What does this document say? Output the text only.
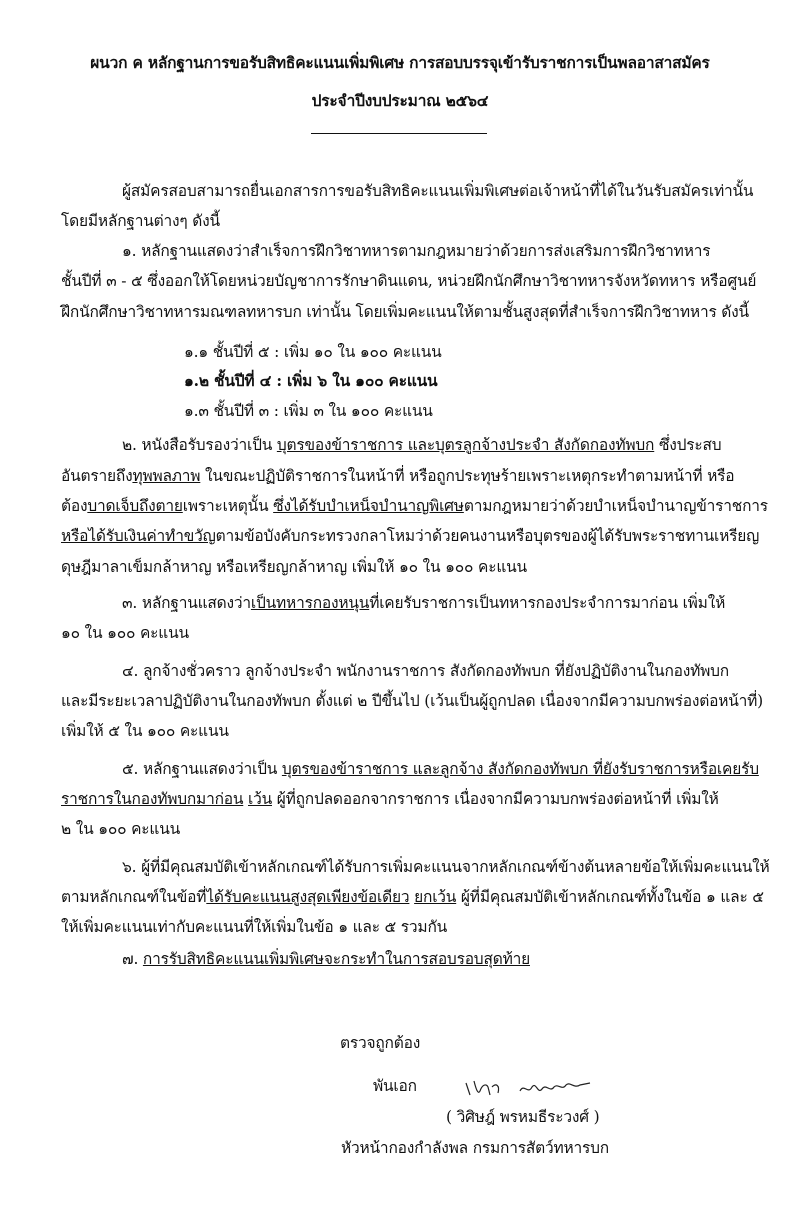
ผนวก ค หลักฐานการขอรับสิทธิคะแนนเพิ่มพิเศษ การสอบบรรจุเข้ารับราชการเป็นพลอาสาสมัคร
ประจำปีงบประมาณ ๒๕๖๔
ผู้สมัครสอบสามารถยื่นเอกสารการขอรับสิทธิคะแนนเพิ่มพิเศษต่อเจ้าหน้าที่ได้ในวันรับสมัครเท่านั้น
โดยมีหลักฐานต่างๆ ดังนี้
๑. หลักฐานแสดงว่าสำเร็จการฝึกวิชาทหารตามกฎหมายว่าด้วยการส่งเสริมการฝึกวิชาทหาร
ชั้นปีที่ ๓ - ๕ ซึ่งออกให้โดยหน่วยบัญชาการรักษาดินแดน, หน่วยฝึกนักศึกษาวิชาทหารจังหวัดทหาร หรือศูนย์
ฝึกนักศึกษาวิชาทหารมณฑลทหารบก เท่านั้น โดยเพิ่มคะแนนให้ตามชั้นสูงสุดที่สำเร็จการฝึกวิชาทหาร ดังนี้
๑.๑ ชั้นปีที่ ๕ : เพิ่ม ๑๐ ใน ๑๐๐ คะแนน
๑.๒ ชั้นปีที่ ๔ : เพิ่ม ๖ ใน ๑๐๐ คะแนน
๑.๓ ชั้นปีที่ ๓ : เพิ่ม ๓ ใน ๑๐๐ คะแนน
๒. หนังสือรับรองว่าเป็น บุตรของข้าราชการ และบุตรลูกจ้างประจำ สังกัดกองทัพบก ซึ่งประสบ
อันตรายถึงทุพพลภาพ ในขณะปฏิบัติราชการในหน้าที่ หรือถูกประทุษร้ายเพราะเหตุกระทำตามหน้าที่ หรือ
ต้องบาดเจ็บถึงตายเพราะเหตุนั้น ซึ่งได้รับบำเหน็จบำนาญพิเศษตามกฎหมายว่าด้วยบำเหน็จบำนาญข้าราชการ
หรือได้รับเงินค่าทำขวัญตามข้อบังคับกระทรวงกลาโหมว่าด้วยคนงานหรือบุตรของผู้ได้รับพระราชทานเหรียญ
ดุษฎีมาลาเข็มกล้าหาญ หรือเหรียญกล้าหาญ เพิ่มให้ ๑๐ ใน ๑๐๐ คะแนน
๓. หลักฐานแสดงว่าเป็นทหารกองหนุนที่เคยรับราชการเป็นทหารกองประจำการมาก่อน เพิ่มให้
๑๐ ใน ๑๐๐ คะแนน
๔. ลูกจ้างชั่วคราว ลูกจ้างประจำ พนักงานราชการ สังกัดกองทัพบก ที่ยังปฏิบัติงานในกองทัพบก
และมีระยะเวลาปฏิบัติงานในกองทัพบก ตั้งแต่ ๒ ปีขึ้นไป (เว้นเป็นผู้ถูกปลด เนื่องจากมีความบกพร่องต่อหน้าที่)
เพิ่มให้ ๕ ใน ๑๐๐ คะแนน
๕. หลักฐานแสดงว่าเป็น บุตรของข้าราชการ และลูกจ้าง สังกัดกองทัพบก ที่ยังรับราชการหรือเคยรับ
ราชการในกองทัพบกมาก่อน เว้น ผู้ที่ถูกปลดออกจากราชการ เนื่องจากมีความบกพร่องต่อหน้าที่ เพิ่มให้
๒ ใน ๑๐๐ คะแนน
๖. ผู้ที่มีคุณสมบัติเข้าหลักเกณฑ์ได้รับการเพิ่มคะแนนจากหลักเกณฑ์ข้างต้นหลายข้อให้เพิ่มคะแนนให้
ตามหลักเกณฑ์ในข้อที่ได้รับคะแนนสูงสุดเพียงข้อเดียว ยกเว้น ผู้ที่มีคุณสมบัติเข้าหลักเกณฑ์ทั้งในข้อ ๑ และ ๕
ให้เพิ่มคะแนนเท่ากับคะแนนที่ให้เพิ่มในข้อ ๑ และ ๕ รวมกัน
๗. การรับสิทธิคะแนนเพิ่มพิเศษจะกระทำในการสอบรอบสุดท้าย
ตรวจถูกต้อง
พันเอก
( วิศิษฎ์ พรหมธีระวงศ์ )
หัวหน้ากองกำลังพล กรมการสัตว์ทหารบก
